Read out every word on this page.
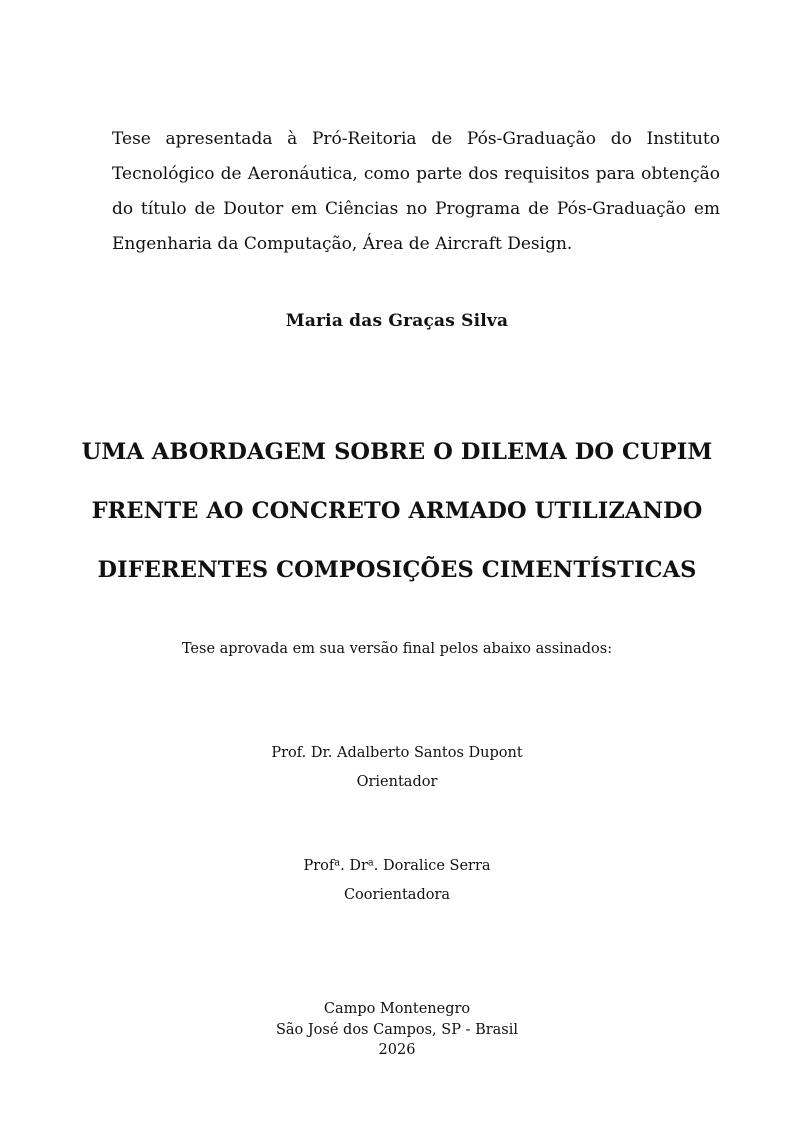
Tese apresentada à Pró-Reitoria de Pós-Graduação do Instituto Tecnológico de Aeronáutica, como parte dos requisitos para obtenção do título de Doutor em Ciências no Programa de Pós-Graduação em Engenharia da Computação, Área de Aircraft Design.

Maria das Graças Silva
UMA ABORDAGEM SOBRE O DILEMA DO CUPIM
FRENTE AO CONCRETO ARMADO UTILIZANDO
DIFERENTES COMPOSIÇÕES CIMENTÍSTICAS
Tese aprovada em sua versão final pelos abaixo assinados:
Prof. Dr. Adalberto Santos Dupont
Orientador
Prof$^a$. Dr$^a$. Doralice Serra
Coorientadora
Campo Montenegro
São José dos Campos, SP - Brasil
2026
